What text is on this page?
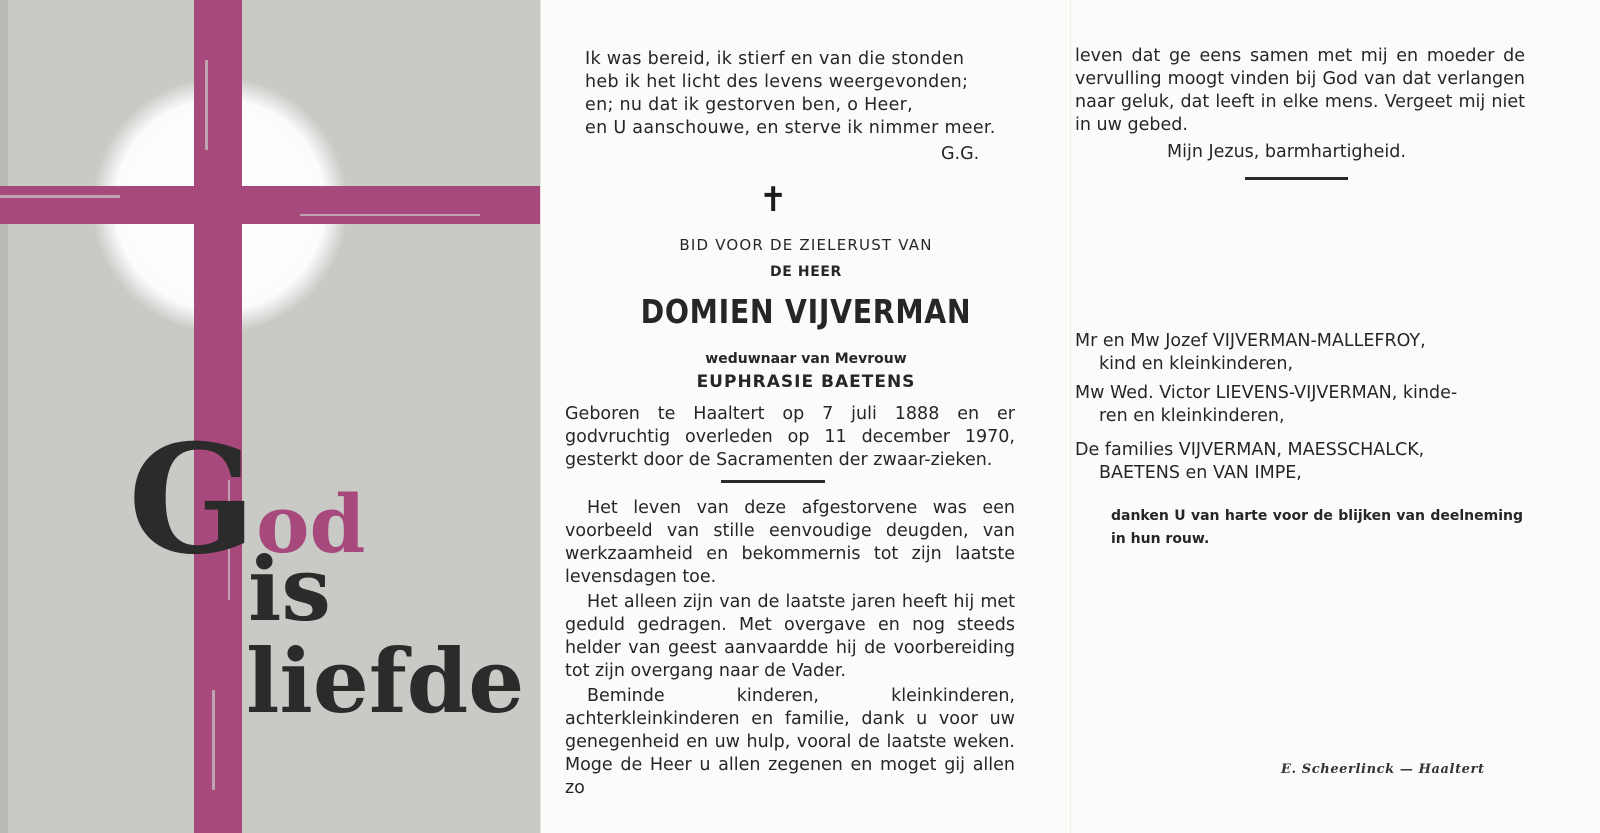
God
is
liefde
Ik was bereid, ik stierf en van die stonden
heb ik het licht des levens weergevonden;
en; nu dat ik gestorven ben, o Heer,
en U aanschouwe, en sterve ik nimmer meer.
G.G.
✝
BID VOOR DE ZIELERUST VAN
DE HEER
DOMIEN VIJVERMAN
weduwnaar van Mevrouw
EUPHRASIE BAETENS
Geboren te Haaltert op 7 juli 1888 en er godvruchtig overleden op 11 december 1970, gesterkt door de Sacramenten der zwaar-zieken.
Het leven van deze afgestorvene was een voorbeeld van stille eenvoudige deugden, van werkzaamheid en bekommernis tot zijn laatste levensdagen toe.
Het alleen zijn van de laatste jaren heeft hij met geduld gedragen. Met overgave en nog steeds helder van geest aanvaardde hij de voorbereiding tot zijn overgang naar de Vader.
Beminde kinderen, kleinkinderen, achterkleinkinderen en familie, dank u voor uw genegenheid en uw hulp, vooral de laatste weken. Moge de Heer u allen zegenen en moget gij allen zo
leven dat ge eens samen met mij en moeder de vervulling moogt vinden bij God van dat verlangen naar geluk, dat leeft in elke mens. Vergeet mij niet in uw gebed.
Mijn Jezus, barmhartigheid.
Mr en Mw Jozef VIJVERMAN-MALLEFROY,
kind en kleinkinderen,
Mw Wed. Victor LIEVENS-VIJVERMAN, kinde-
ren en kleinkinderen,
De families VIJVERMAN, MAESSCHALCK,
BAETENS en VAN IMPE,
danken U van harte voor de blijken van deelneming in hun rouw.
E. Scheerlinck — Haaltert
